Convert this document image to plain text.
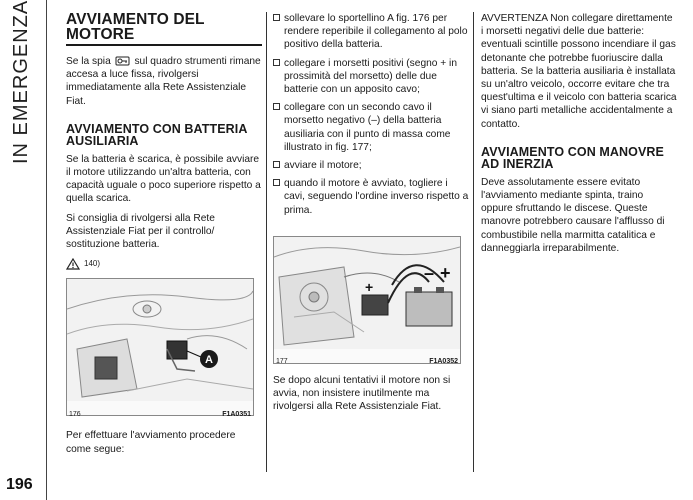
IN EMERGENZA
196
AVVIAMENTO DEL MOTORE

Se la spia sul quadro strumenti rimane accesa a luce fissa, rivolgersi immediatamente alla Rete Assistenziale Fiat.

AVVIAMENTO CON BATTERIA AUSILIARIA

Se la batteria è scarica, è possibile avviare il motore utilizzando un'altra batteria, con capacità uguale o poco superiore rispetto a quella scarica.

Si consiglia di rivolgersi alla Rete Assistenziale Fiat per il controllo/ sostituzione batteria.

140)
A
176	F1A0351

Per effettuare l'avviamento procedere come segue:

sollevare lo sportellino A fig. 176 per rendere reperibile il collegamento al polo positivo della batteria.
collegare i morsetti positivi (segno + in prossimità del morsetto) delle due batterie con un apposito cavo;
collegare con un secondo cavo il morsetto negativo (–) della batteria ausiliaria con il punto di massa come illustrato in fig. 177;
avviare il motore;
quando il motore è avviato, togliere i cavi, seguendo l'ordine inverso rispetto a prima.
– +
+
177	F1A0352

Se dopo alcuni tentativi il motore non si avvia, non insistere inutilmente ma rivolgersi alla Rete Assistenziale Fiat.

AVVERTENZA Non collegare direttamente i morsetti negativi delle due batterie: eventuali scintille possono incendiare il gas detonante che potrebbe fuoriuscire dalla batteria. Se la batteria ausiliaria è installata su un'altro veicolo, occorre evitare che tra quest'ultima e il veicolo con batteria scarica vi siano parti metalliche accidentalmente a contatto.

AVVIAMENTO CON MANOVRE AD INERZIA

Deve assolutamente essere evitato l'avviamento mediante spinta, traino oppure sfruttando le discese. Queste manovre potrebbero causare l'afflusso di combustibile nella marmitta catalitica e danneggiarla irreparabilmente.
